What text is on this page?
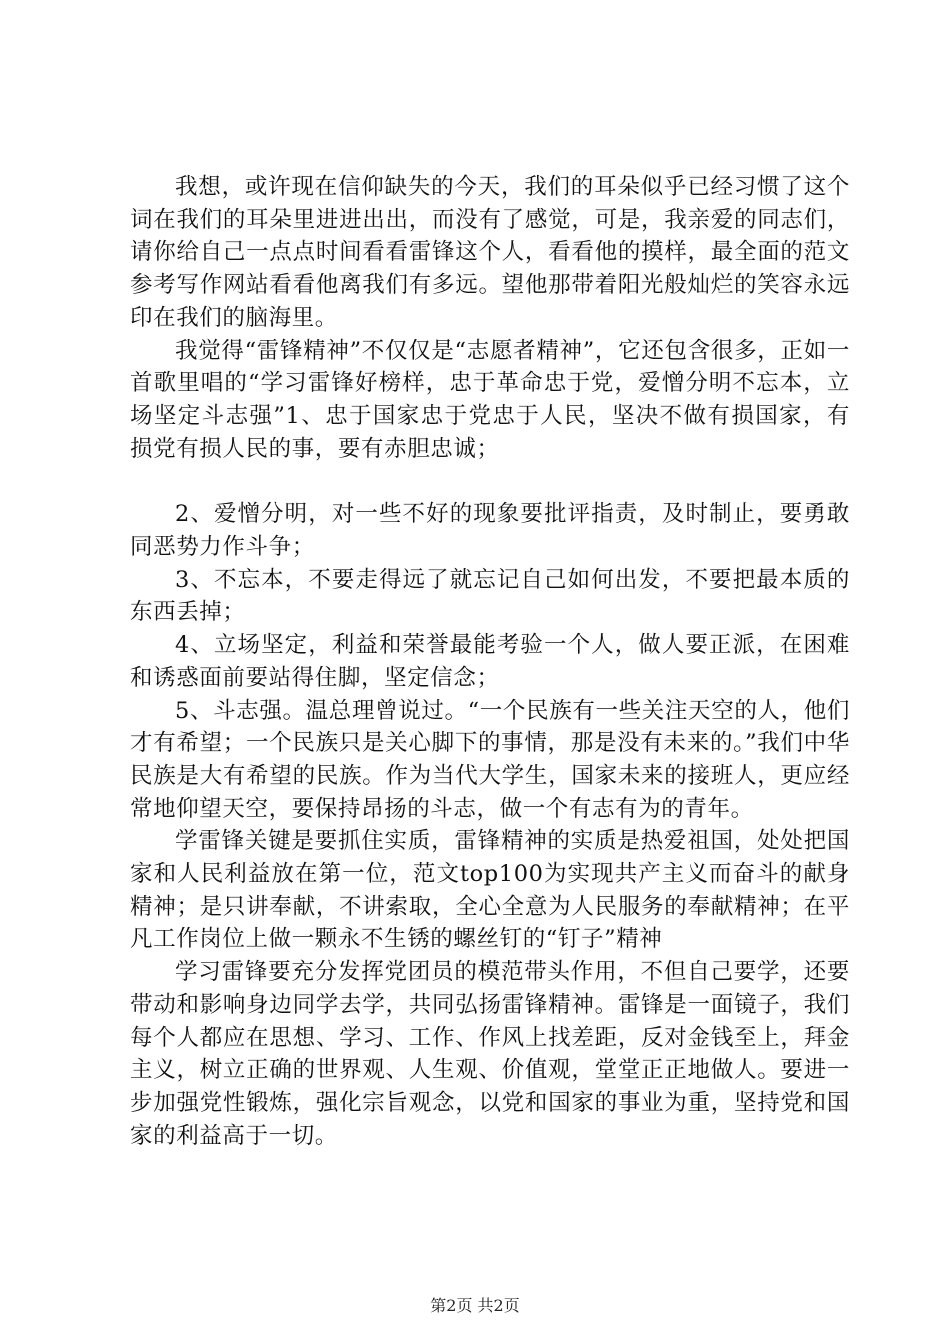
我想，或许现在信仰缺失的今天，我们的耳朵似乎已经习惯了这个词在我们的耳朵里进进出出，而没有了感觉，可是，我亲爱的同志们，请你给自己一点点时间看看雷锋这个人，看看他的摸样，最全面的范文参考写作网站看看他离我们有多远。望他那带着阳光般灿烂的笑容永远印在我们的脑海里。

我觉得“雷锋精神”不仅仅是“志愿者精神”，它还包含很多，正如一首歌里唱的“学习雷锋好榜样，忠于革命忠于党，爱憎分明不忘本，立场坚定斗志强”1、忠于国家忠于党忠于人民，坚决不做有损国家，有损党有损人民的事，要有赤胆忠诚；

2、爱憎分明，对一些不好的现象要批评指责，及时制止，要勇敢同恶势力作斗争；

3、不忘本，不要走得远了就忘记自己如何出发，不要把最本质的东西丢掉；

4、立场坚定，利益和荣誉最能考验一个人，做人要正派，在困难和诱惑面前要站得住脚，坚定信念；

5、斗志强。温总理曾说过。“一个民族有一些关注天空的人，他们才有希望；一个民族只是关心脚下的事情，那是没有未来的。”我们中华民族是大有希望的民族。作为当代大学生，国家未来的接班人，更应经常地仰望天空，要保持昂扬的斗志，做一个有志有为的青年。

学雷锋关键是要抓住实质，雷锋精神的实质是热爱祖国，处处把国家和人民利益放在第一位，范文top100为实现共产主义而奋斗的献身精神；是只讲奉献，不讲索取，全心全意为人民服务的奉献精神；在平凡工作岗位上做一颗永不生锈的螺丝钉的“钉子”精神

学习雷锋要充分发挥党团员的模范带头作用，不但自己要学，还要带动和影响身边同学去学，共同弘扬雷锋精神。雷锋是一面镜子，我们每个人都应在思想、学习、工作、作风上找差距，反对金钱至上，拜金主义，树立正确的世界观、人生观、价值观，堂堂正正地做人。要进一步加强党性锻炼，强化宗旨观念，以党和国家的事业为重，坚持党和国家的利益高于一切。

第2页 共2页
